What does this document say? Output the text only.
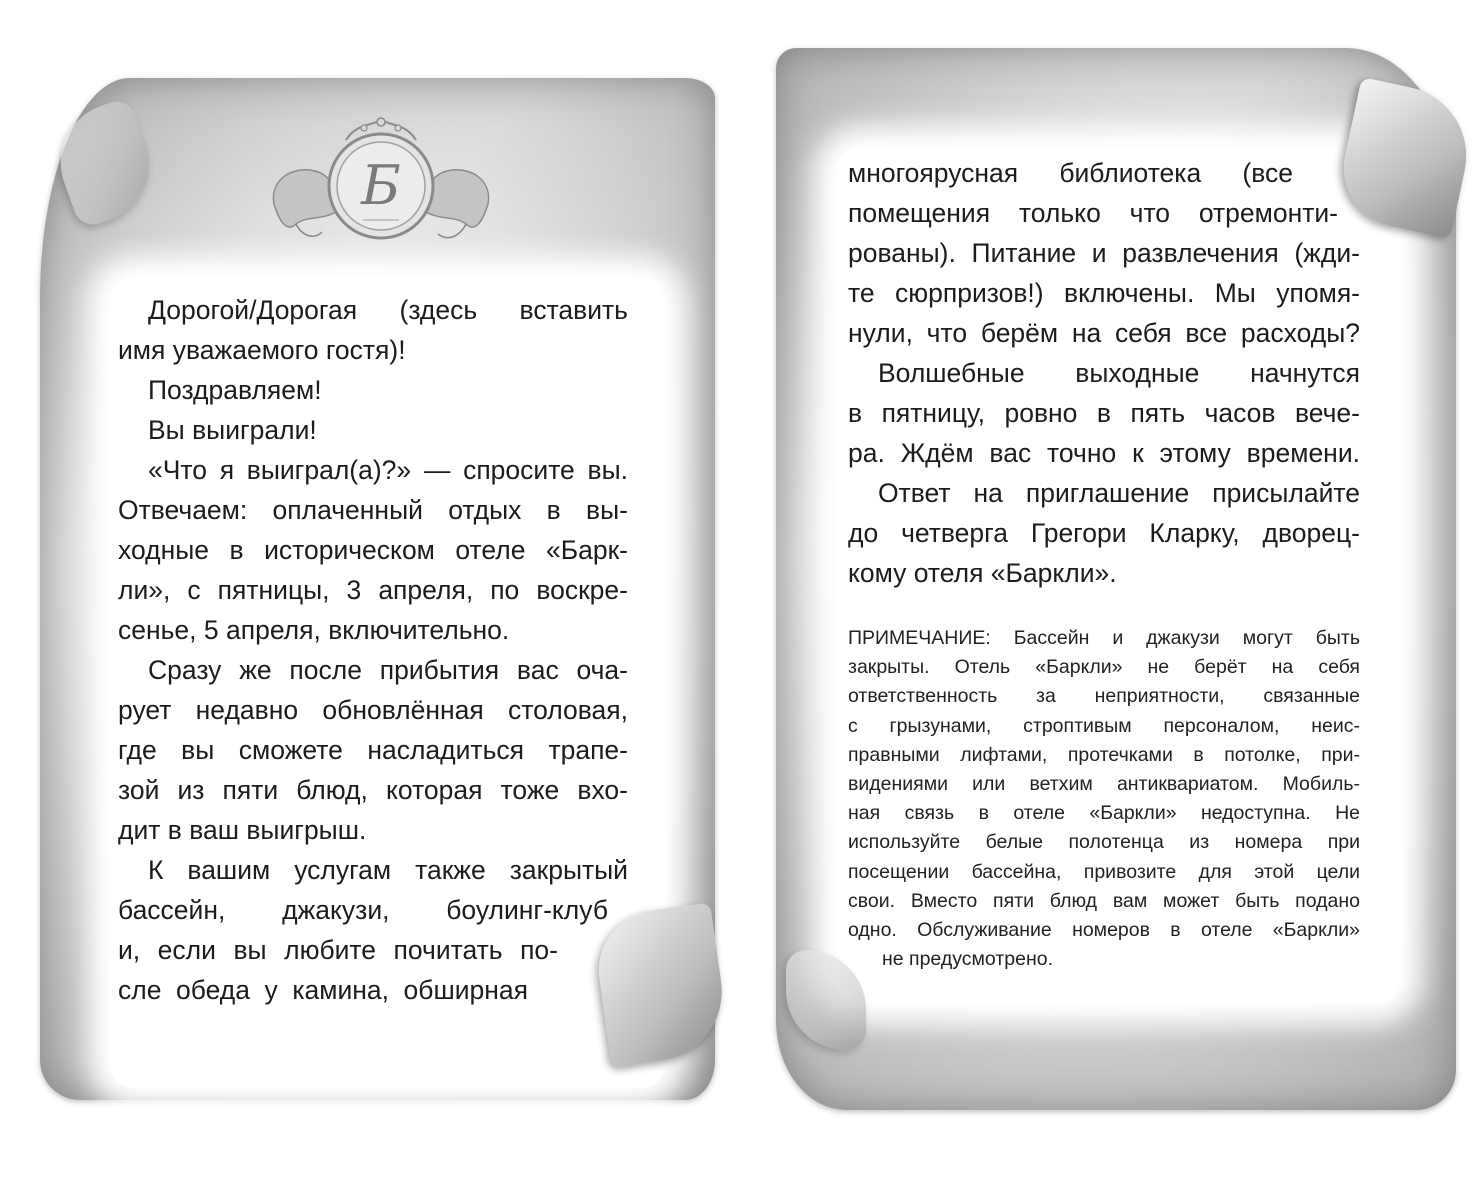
Б

Дорогой/Дорогая (здесь вставить

имя уважаемого гостя)!

Поздравляем!

Вы выиграли!

«Что я выиграл(а)?» — спросите вы.

Отвечаем: оплаченный отдых в вы-

ходные в историческом отеле «Барк-

ли», с пятницы, 3 апреля, по воскре-

сенье, 5 апреля, включительно.

Сразу же после прибытия вас оча-

рует недавно обновлённая столовая,

где вы сможете насладиться трапе-

зой из пяти блюд, которая тоже вхо-

дит в ваш выигрыш.

К вашим услугам также закрытый

бассейн, джакузи, боулинг-клуб

и, если вы любите почитать по-

сле обеда у камина, обширная

многоярусная библиотека (все

помещения только что отремонти-

рованы). Питание и развлечения (жди-

те сюрпризов!) включены. Мы упомя-

нули, что берём на себя все расходы?

Волшебные выходные начнутся

в пятницу, ровно в пять часов вече-

ра. Ждём вас точно к этому времени.

Ответ на приглашение присылайте

до четверга Грегори Кларку, дворец-

кому отеля «Баркли».

ПРИМЕЧАНИЕ: Бассейн и джакузи могут быть

закрыты. Отель «Баркли» не берёт на себя

ответственность за неприятности, связанные

с грызунами, строптивым персоналом, неис-

правными лифтами, протечками в потолке, при-

видениями или ветхим антиквариатом. Мобиль-

ная связь в отеле «Баркли» недоступна. Не

используйте белые полотенца из номера при

посещении бассейна, привозите для этой цели

свои. Вместо пяти блюд вам может быть подано

одно. Обслуживание номеров в отеле «Баркли»

не предусмотрено.
